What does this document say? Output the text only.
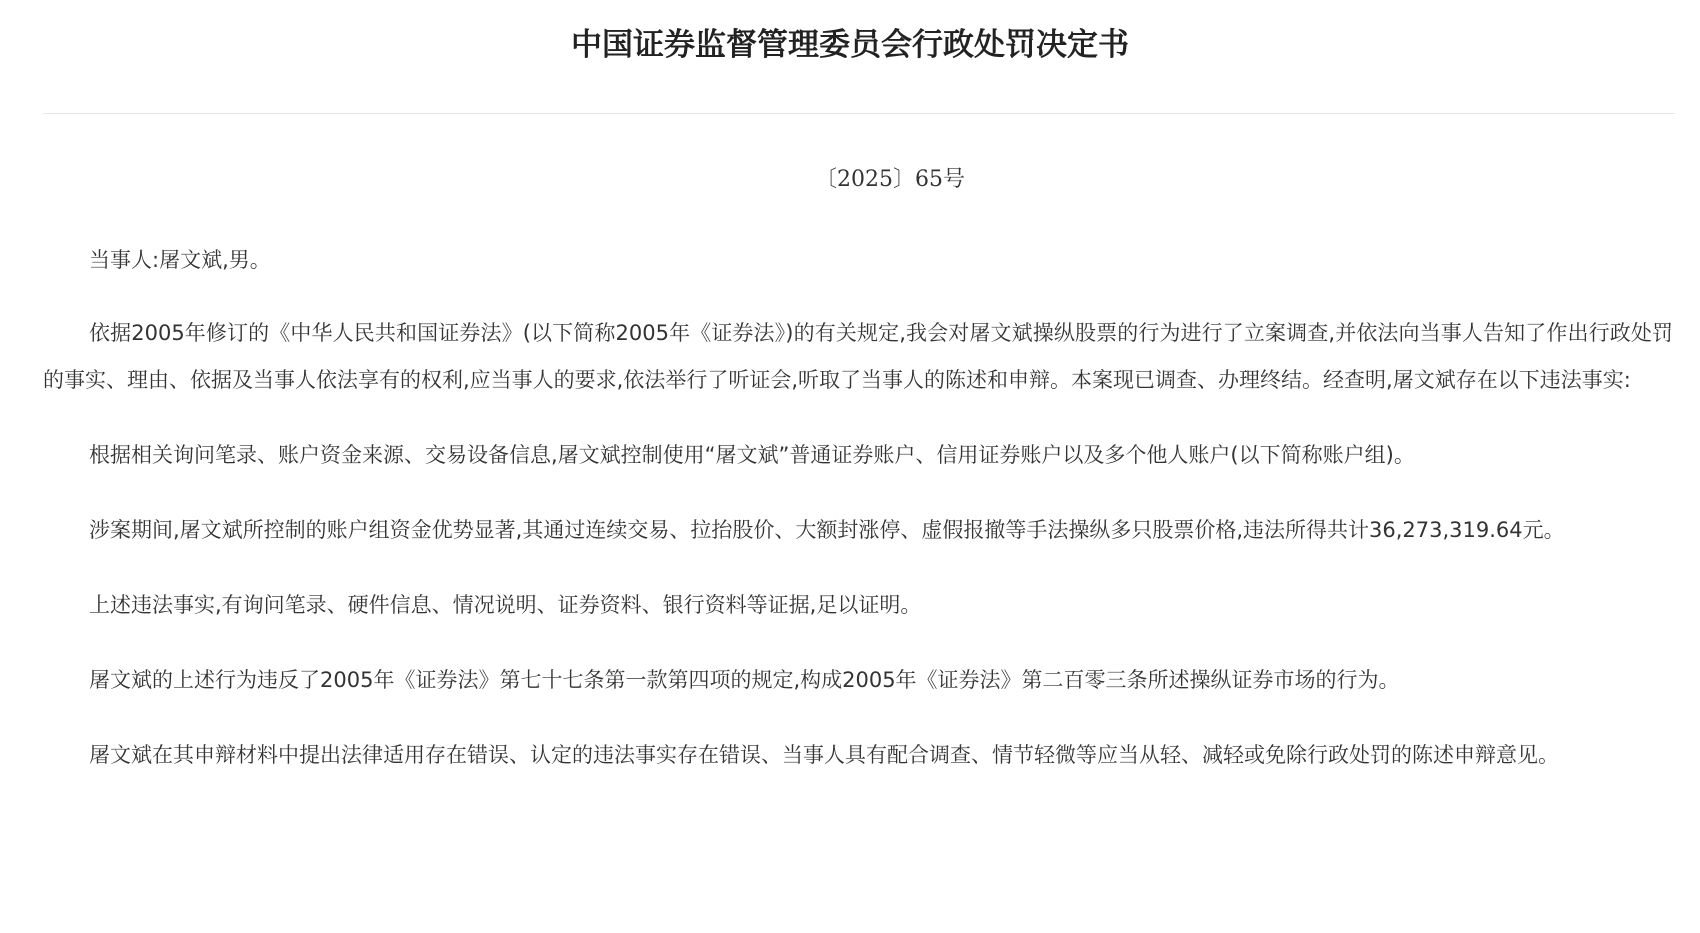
中国证券监督管理委员会行政处罚决定书
〔2025〕65号

当事人:屠文斌,男。

依据2005年修订的《中华人民共和国证券法》(以下简称2005年《证券法》)的有关规定,我会对屠文斌操纵股票的行为进行了立案调查,并依法向当事人告知了作出行政处罚的事实、理由、依据及当事人依法享有的权利,应当事人的要求,依法举行了听证会,听取了当事人的陈述和申辩。本案现已调查、办理终结。经查明,屠文斌存在以下违法事实:

根据相关询问笔录、账户资金来源、交易设备信息,屠文斌控制使用“屠文斌”普通证券账户、信用证券账户以及多个他人账户(以下简称账户组)。

涉案期间,屠文斌所控制的账户组资金优势显著,其通过连续交易、拉抬股价、大额封涨停、虚假报撤等手法操纵多只股票价格,违法所得共计36,273,319.64元。

上述违法事实,有询问笔录、硬件信息、情况说明、证券资料、银行资料等证据,足以证明。

屠文斌的上述行为违反了2005年《证券法》第七十七条第一款第四项的规定,构成2005年《证券法》第二百零三条所述操纵证券市场的行为。

屠文斌在其申辩材料中提出法律适用存在错误、认定的违法事实存在错误、当事人具有配合调查、情节轻微等应当从轻、减轻或免除行政处罚的陈述申辩意见。
